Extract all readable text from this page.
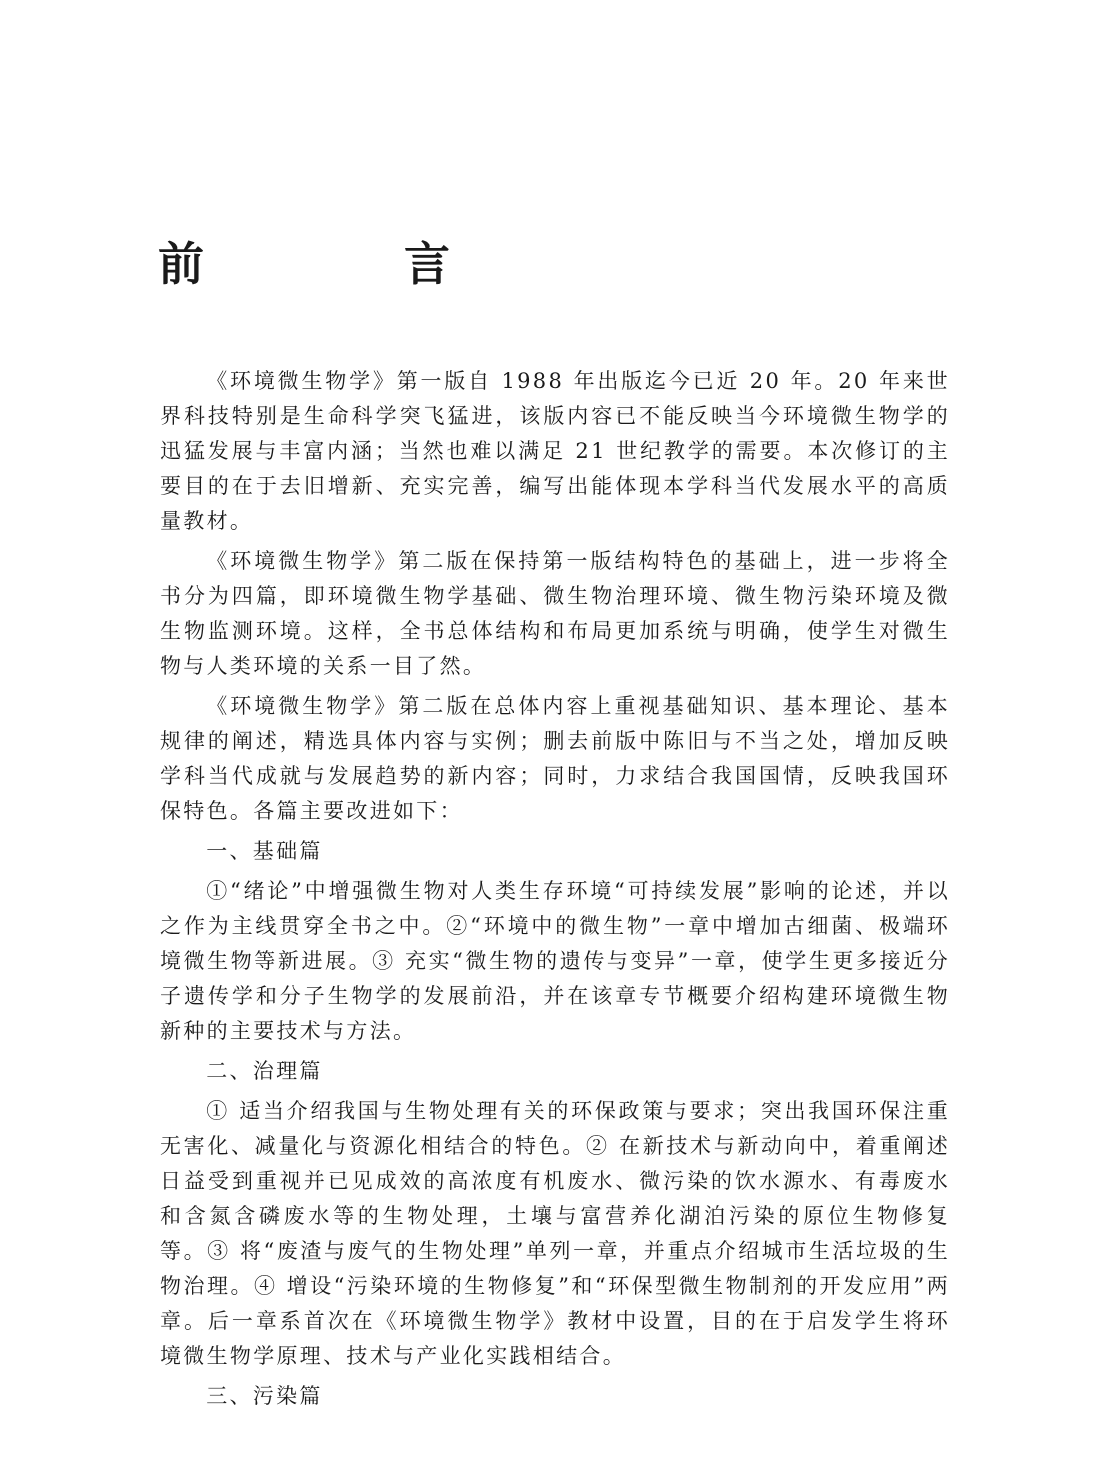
前 言

《环境微生物学》第一版自 1988 年出版迄今已近 20 年。20 年来世界科技特别是生命科学突飞猛进，该版内容已不能反映当今环境微生物学的迅猛发展与丰富内涵；当然也难以满足 21 世纪教学的需要。本次修订的主要目的在于去旧增新、充实完善，编写出能体现本学科当代发展水平的高质量教材。

《环境微生物学》第二版在保持第一版结构特色的基础上，进一步将全书分为四篇，即环境微生物学基础、微生物治理环境、微生物污染环境及微生物监测环境。这样，全书总体结构和布局更加系统与明确，使学生对微生物与人类环境的关系一目了然。

《环境微生物学》第二版在总体内容上重视基础知识、基本理论、基本规律的阐述，精选具体内容与实例；删去前版中陈旧与不当之处，增加反映学科当代成就与发展趋势的新内容；同时，力求结合我国国情，反映我国环保特色。各篇主要改进如下：

一、基础篇

①“绪论”中增强微生物对人类生存环境“可持续发展”影响的论述，并以之作为主线贯穿全书之中。②“环境中的微生物”一章中增加古细菌、极端环境微生物等新进展。③ 充实“微生物的遗传与变异”一章，使学生更多接近分子遗传学和分子生物学的发展前沿，并在该章专节概要介绍构建环境微生物新种的主要技术与方法。

二、治理篇

① 适当介绍我国与生物处理有关的环保政策与要求；突出我国环保注重无害化、减量化与资源化相结合的特色。② 在新技术与新动向中，着重阐述日益受到重视并已见成效的高浓度有机废水、微污染的饮水源水、有毒废水和含氮含磷废水等的生物处理，土壤与富营养化湖泊污染的原位生物修复等。③ 将“废渣与废气的生物处理”单列一章，并重点介绍城市生活垃圾的生物治理。④ 增设“污染环境的生物修复”和“环保型微生物制剂的开发应用”两章。后一章系首次在《环境微生物学》教材中设置，目的在于启发学生将环境微生物学原理、技术与产业化实践相结合。

三、污染篇
